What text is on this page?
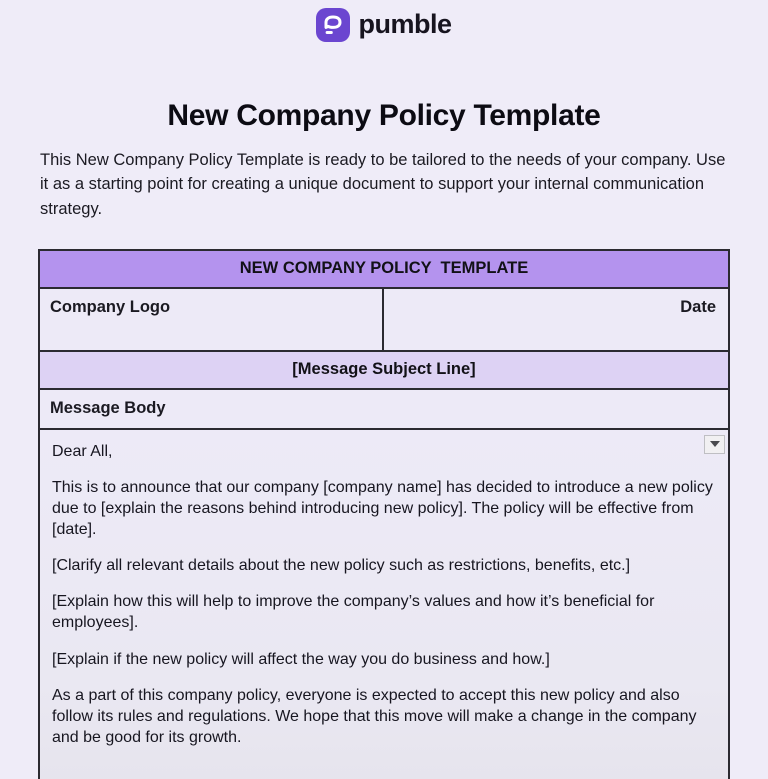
pumble
New Company Policy Template

This New Company Policy Template is ready to be tailored to the needs of your company. Use it as a starting point for creating a unique document to support your internal communication strategy.

NEW COMPANY POLICY  TEMPLATE
Company Logo	Date
[Message Subject Line]
Message Body

Dear All,

This is to announce that our company [company name] has decided to introduce a new policy due to [explain the reasons behind introducing new policy]. The policy will be effective from [date].

[Clarify all relevant details about the new policy such as restrictions, benefits, etc.]

[Explain how this will help to improve the company’s values and how it’s beneficial for employees].

[Explain if the new policy will affect the way you do business and how.]

As a part of this company policy, everyone is expected to accept this new policy and also follow its rules and regulations. We hope that this move will make a change in the company and be good for its growth.
